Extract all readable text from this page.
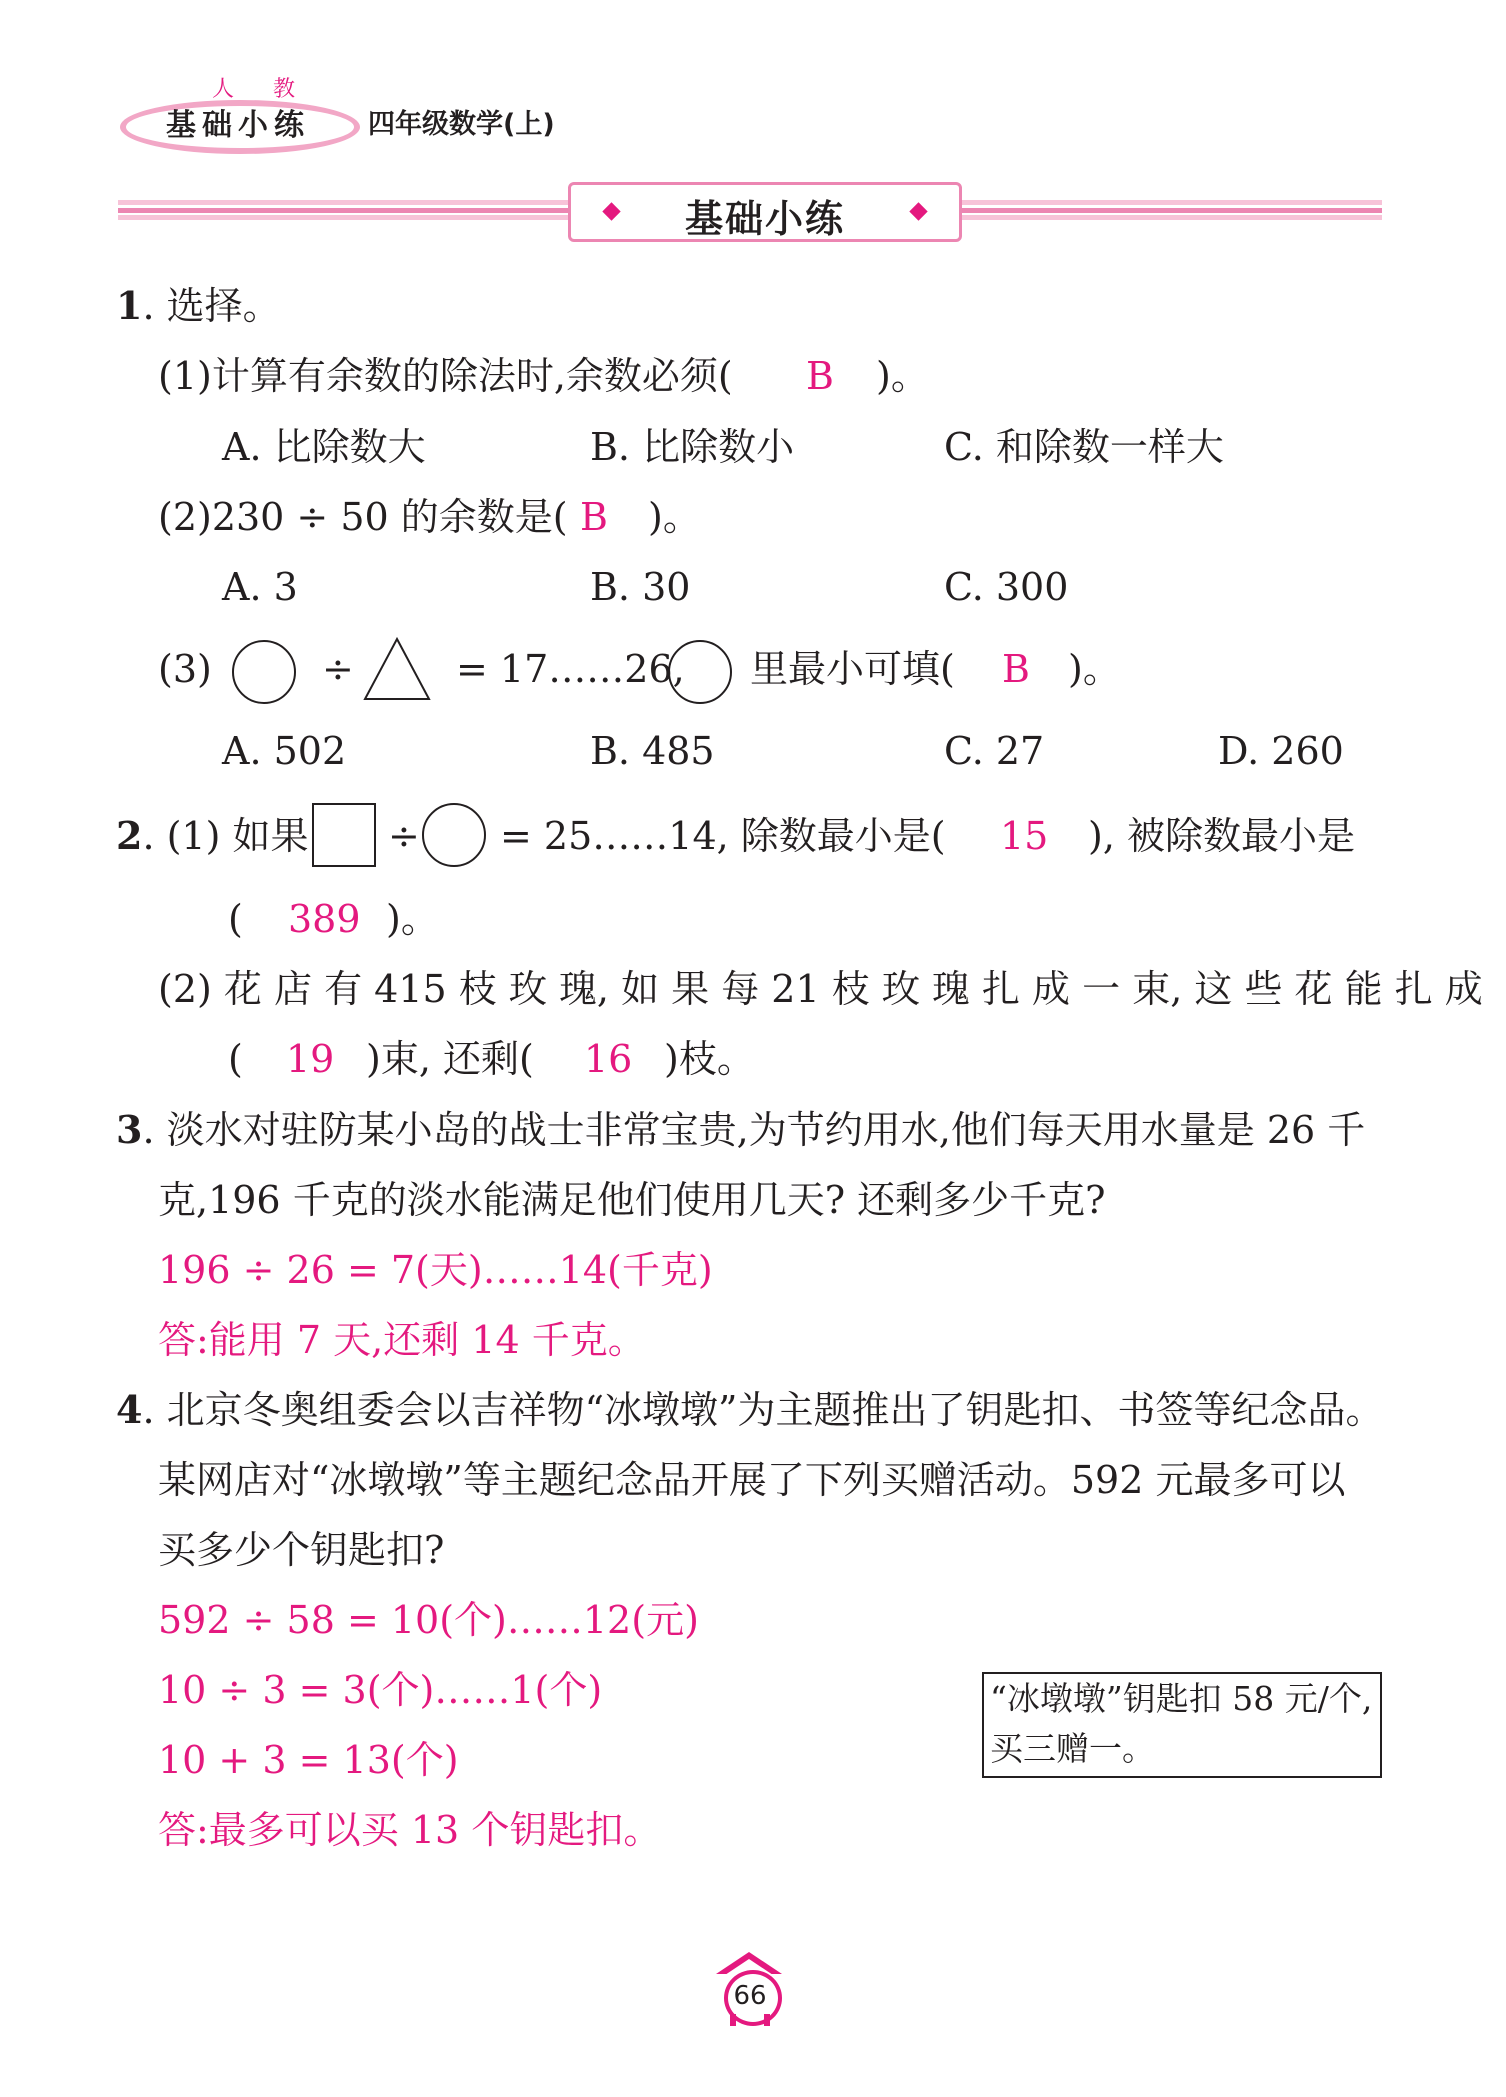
人 教
基础小练 四年级数学(上)
基础小练
1. 选择。
(1)计算有余数的除法时,余数必须( B )。
A. 比除数大	B. 比除数小	C. 和除数一样大
(2)230 ÷ 50 的余数是( B )。
A. 3	B. 30	C. 300
(3)	÷	= 17……26, 里最小可填( B )。
A. 502	B. 485	C. 27	D. 260
2. (1) 如果 ÷ = 25……14, 除数最小是( 15 ), 被除数最小是
( 389 )。
(2) 花 店 有 415 枝 玫 瑰, 如 果 每 21 枝 玫 瑰 扎 成 一 束, 这 些 花 能 扎 成
( 19 )束, 还剩( 16 )枝。
3. 淡水对驻防某小岛的战士非常宝贵,为节约用水,他们每天用水量是 26 千
克,196 千克的淡水能满足他们使用几天? 还剩多少千克?
196 ÷ 26 = 7(天)……14(千克)
答:能用 7 天,还剩 14 千克。
4. 北京冬奥组委会以吉祥物“冰墩墩”为主题推出了钥匙扣、书签等纪念品。
某网店对“冰墩墩”等主题纪念品开展了下列买赠活动。592 元最多可以
买多少个钥匙扣?
592 ÷ 58 = 10(个)……12(元)
10 ÷ 3 = 3(个)……1(个)
10 + 3 = 13(个)
答:最多可以买 13 个钥匙扣。
“冰墩墩”钥匙扣 58 元/个,
买三赠一。
66
